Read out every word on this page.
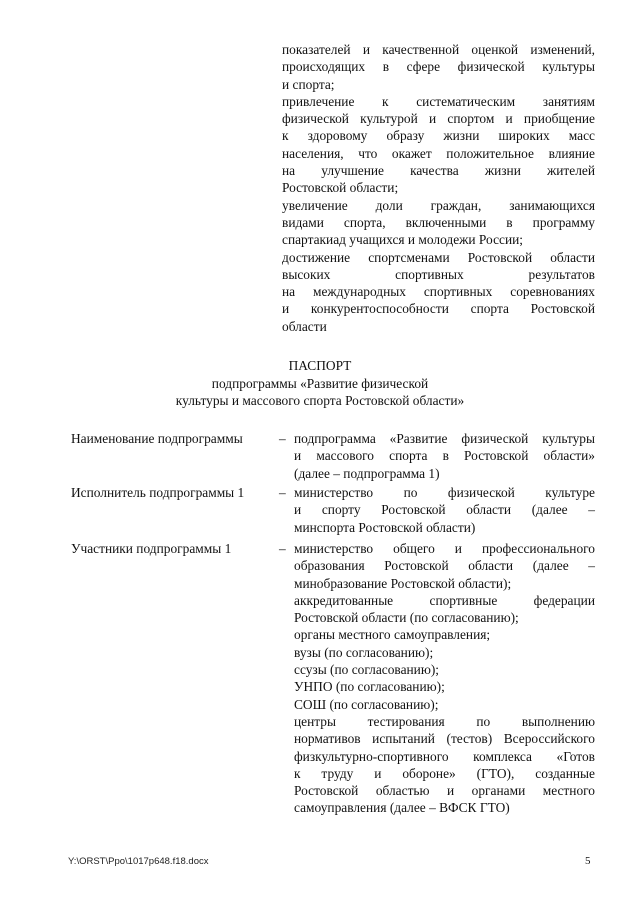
показателей и качественной оценкой изменений,
происходящих в сфере физической культуры
и спорта;
привлечение к систематическим занятиям
физической культурой и спортом и приобщение
к здоровому образу жизни широких масс
населения, что окажет положительное влияние
на улучшение качества жизни жителей
Ростовской области;
увеличение доли граждан, занимающихся
видами спорта, включенными в программу
спартакиад учащихся и молодежи России;
достижение спортсменами Ростовской области
высоких спортивных результатов
на международных спортивных соревнованиях
и конкурентоспособности спорта Ростовской
области
ПАСПОРТ
подпрограммы «Развитие физической
культуры и массового спорта Ростовской области»
Наименование подпрограммы	– подпрограмма «Развитие физической культуры
и массового спорта в Ростовской области»
(далее – подпрограмма 1)
Исполнитель подпрограммы 1	– министерство по физической культуре
и спорту Ростовской области (далее –
минспорта Ростовской области)
Участники подпрограммы 1	– министерство общего и профессионального
образования Ростовской области (далее –
минобразование Ростовской области);
аккредитованные спортивные федерации
Ростовской области (по согласованию);
органы местного самоуправления;
вузы (по согласованию);
ссузы (по согласованию);
УНПО (по согласованию);
СОШ (по согласованию);
центры тестирования по выполнению
нормативов испытаний (тестов) Всероссийского
физкультурно-спортивного комплекса «Готов
к труду и обороне» (ГТО), созданные
Ростовской областью и органами местного
самоуправления (далее – ВФСК ГТО)
Y:\ORST\Ppo\1017p648.f18.docx	5
